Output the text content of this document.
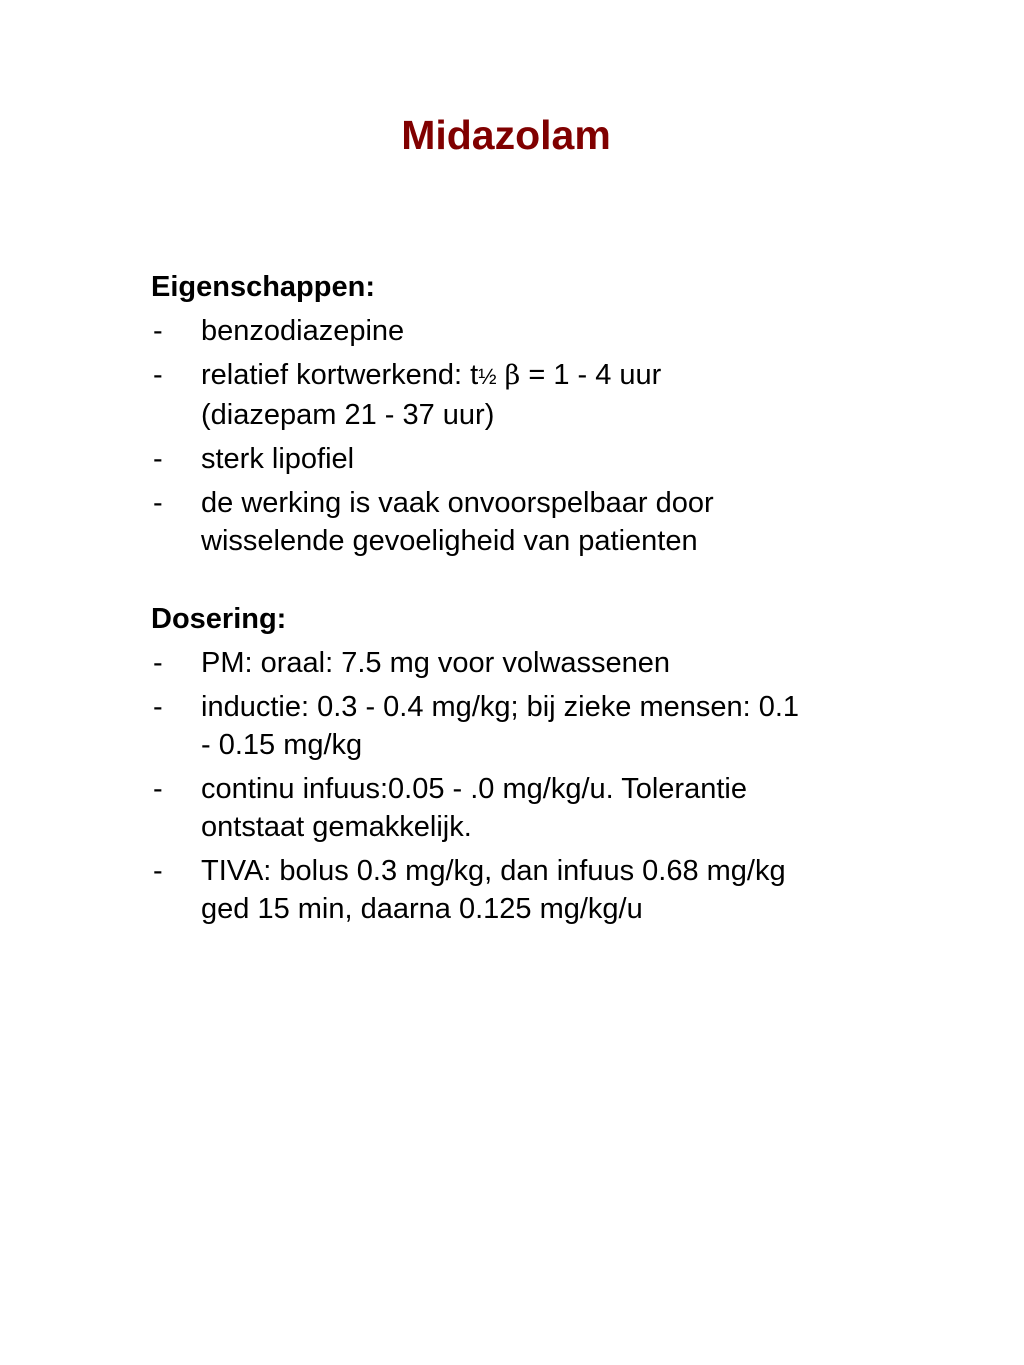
Midazolam
Eigenschappen:
- benzodiazepine
- relatief kortwerkend: t½ β = 1 - 4 uur
(diazepam 21 - 37 uur)
- sterk lipofiel
- de werking is vaak onvoorspelbaar door
wisselende gevoeligheid van patienten
Dosering:
- PM: oraal: 7.5 mg voor volwassenen
- inductie: 0.3 - 0.4 mg/kg; bij zieke mensen: 0.1
- 0.15 mg/kg
- continu infuus:0.05 - .0 mg/kg/u. Tolerantie
ontstaat gemakkelijk.
- TIVA: bolus 0.3 mg/kg, dan infuus 0.68 mg/kg
ged 15 min, daarna 0.125 mg/kg/u
